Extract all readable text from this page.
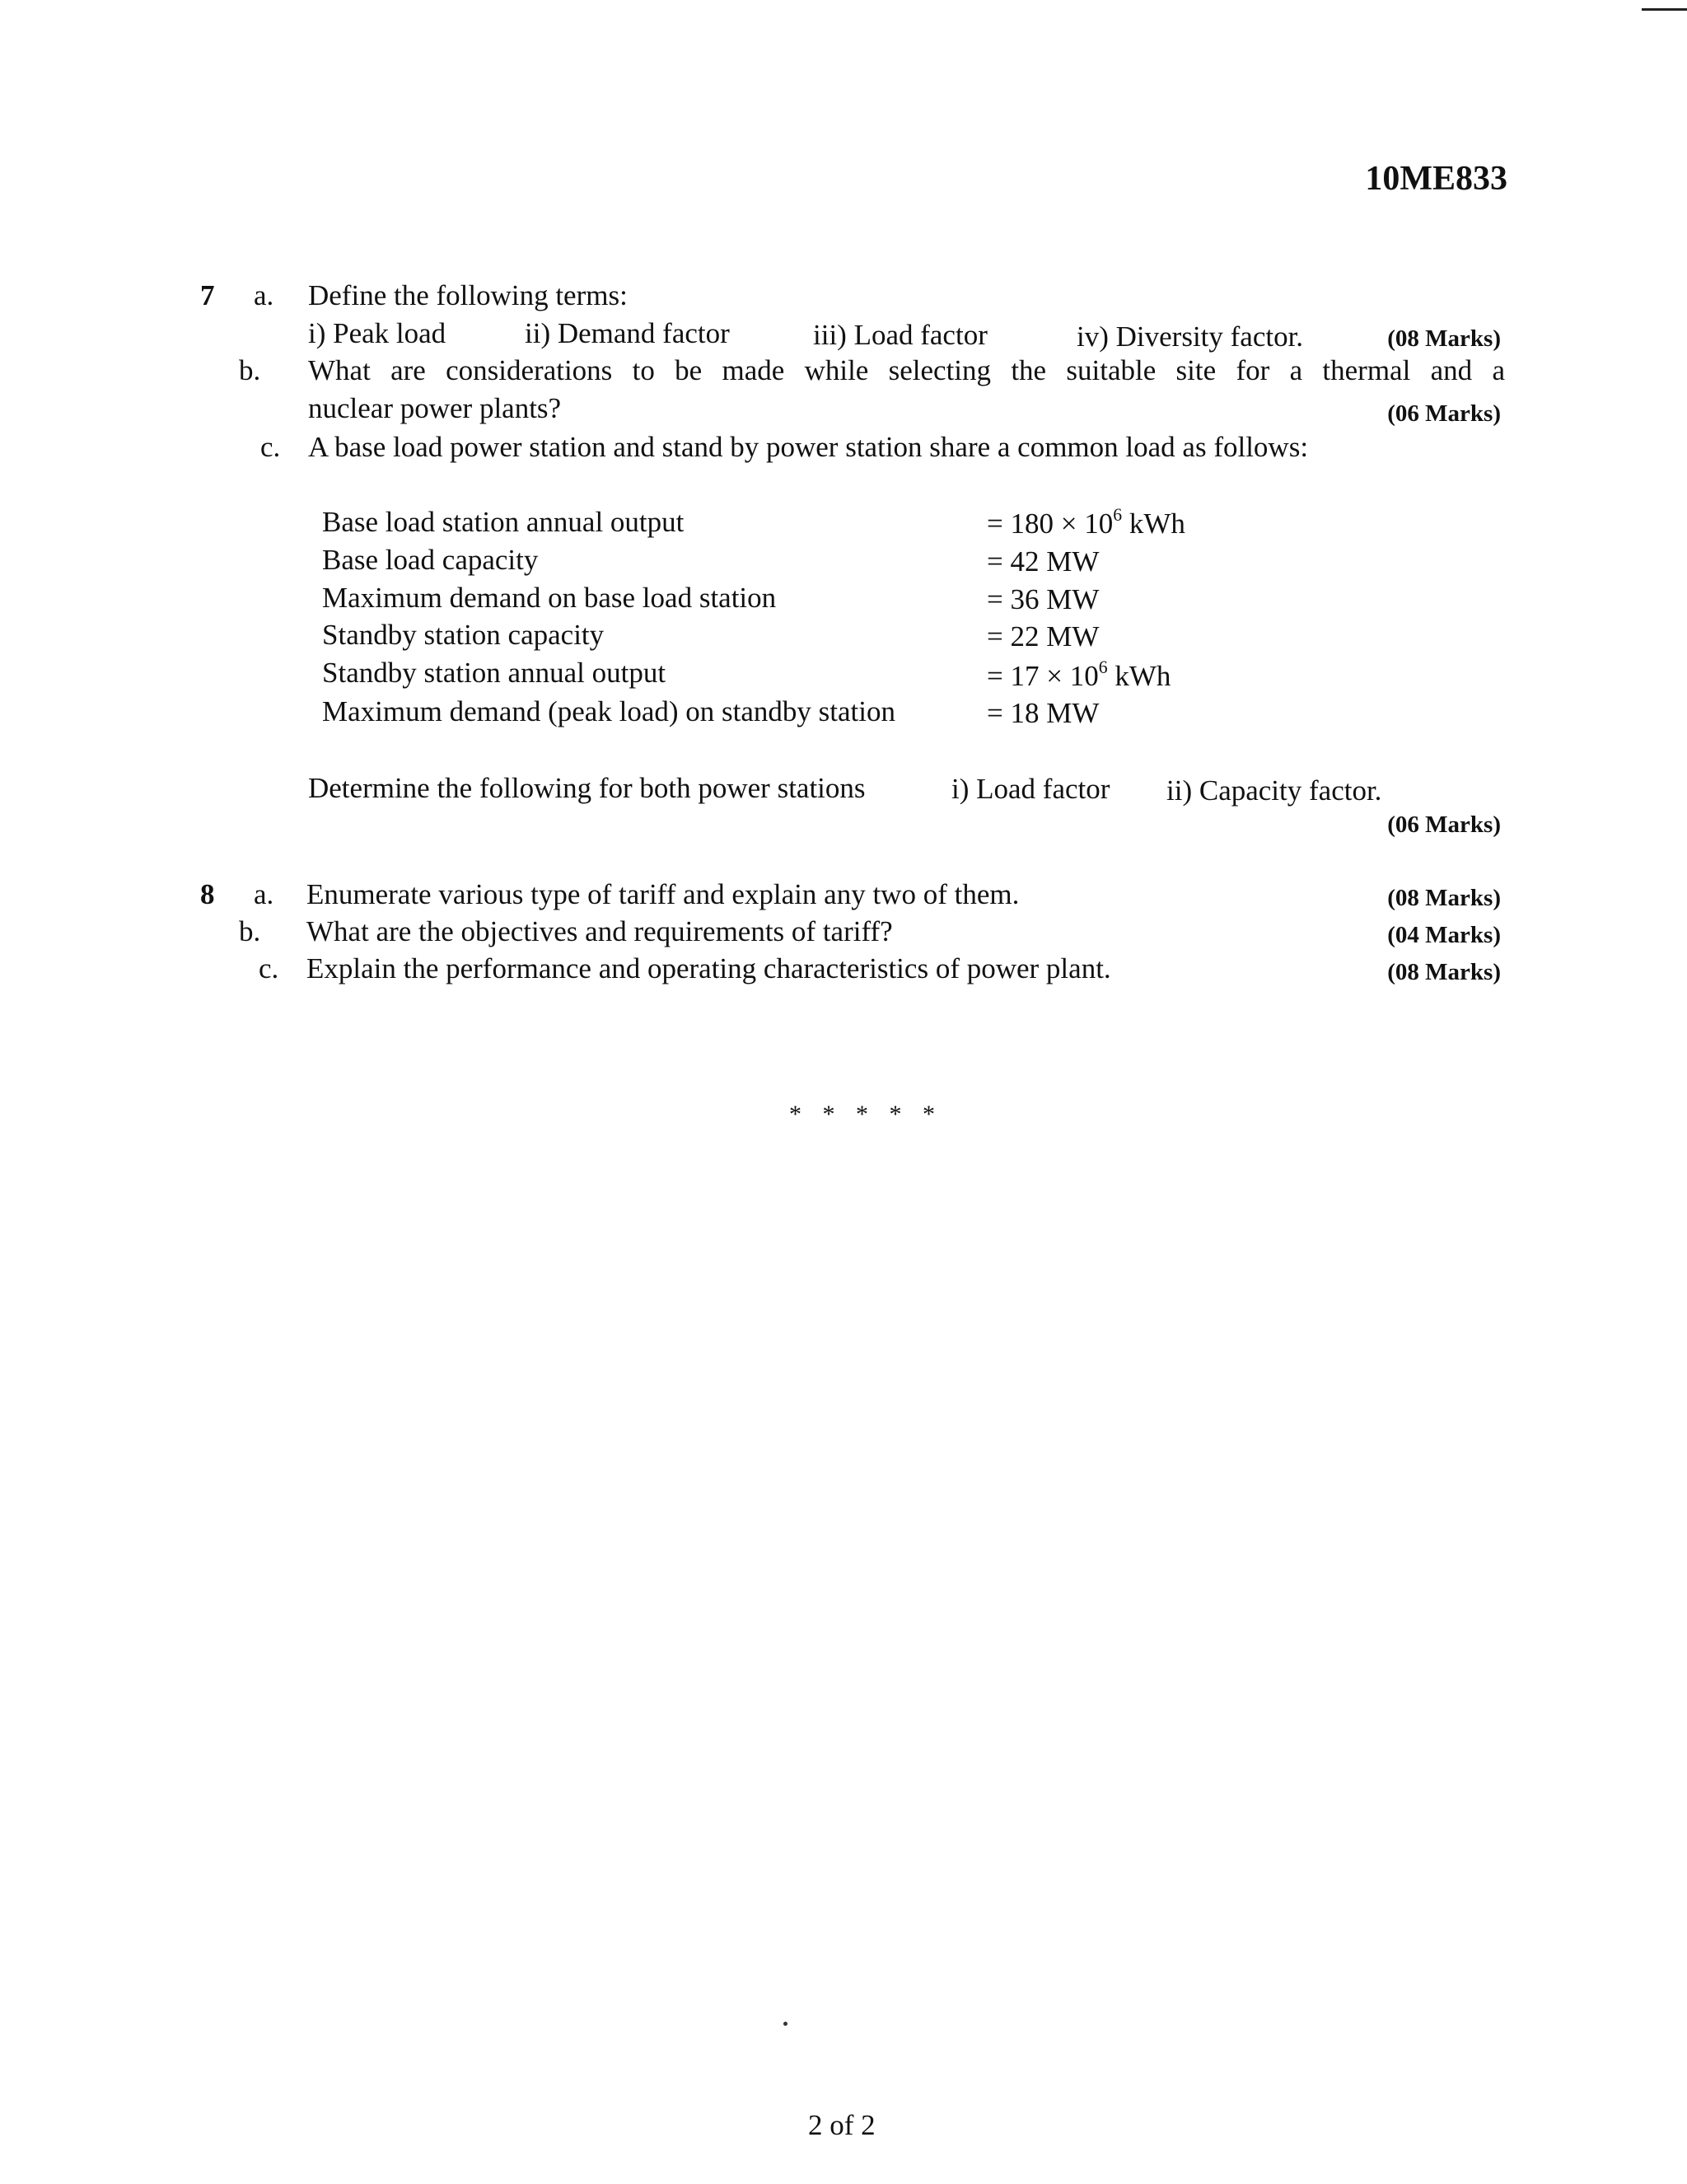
10ME833
7 a. Define the following terms:
i) Peak load	ii) Demand factor	iii) Load factor	iv) Diversity factor.	(08 Marks)
b. What are considerations to be made while selecting the suitable site for a thermal and a
nuclear power plants?	(06 Marks)
c. A base load power station and stand by power station share a common load as follows:
Base load station annual output	= $180 \times 10^6$ kWh
Base load capacity	= 42 MW
Maximum demand on base load station	= 36 MW
Standby station capacity	= 22 MW
Standby station annual output	= $17 \times 10^6$ kWh
Maximum demand (peak load) on standby station	= 18 MW
Determine the following for both power stations	i) Load factor ii) Capacity factor.
(06 Marks)
8 a. Enumerate various type of tariff and explain any two of them.	(08 Marks)
b. What are the objectives and requirements of tariff?	(04 Marks)
c. Explain the performance and operating characteristics of power plant.	(08 Marks)
* * * * *
2 of 2
